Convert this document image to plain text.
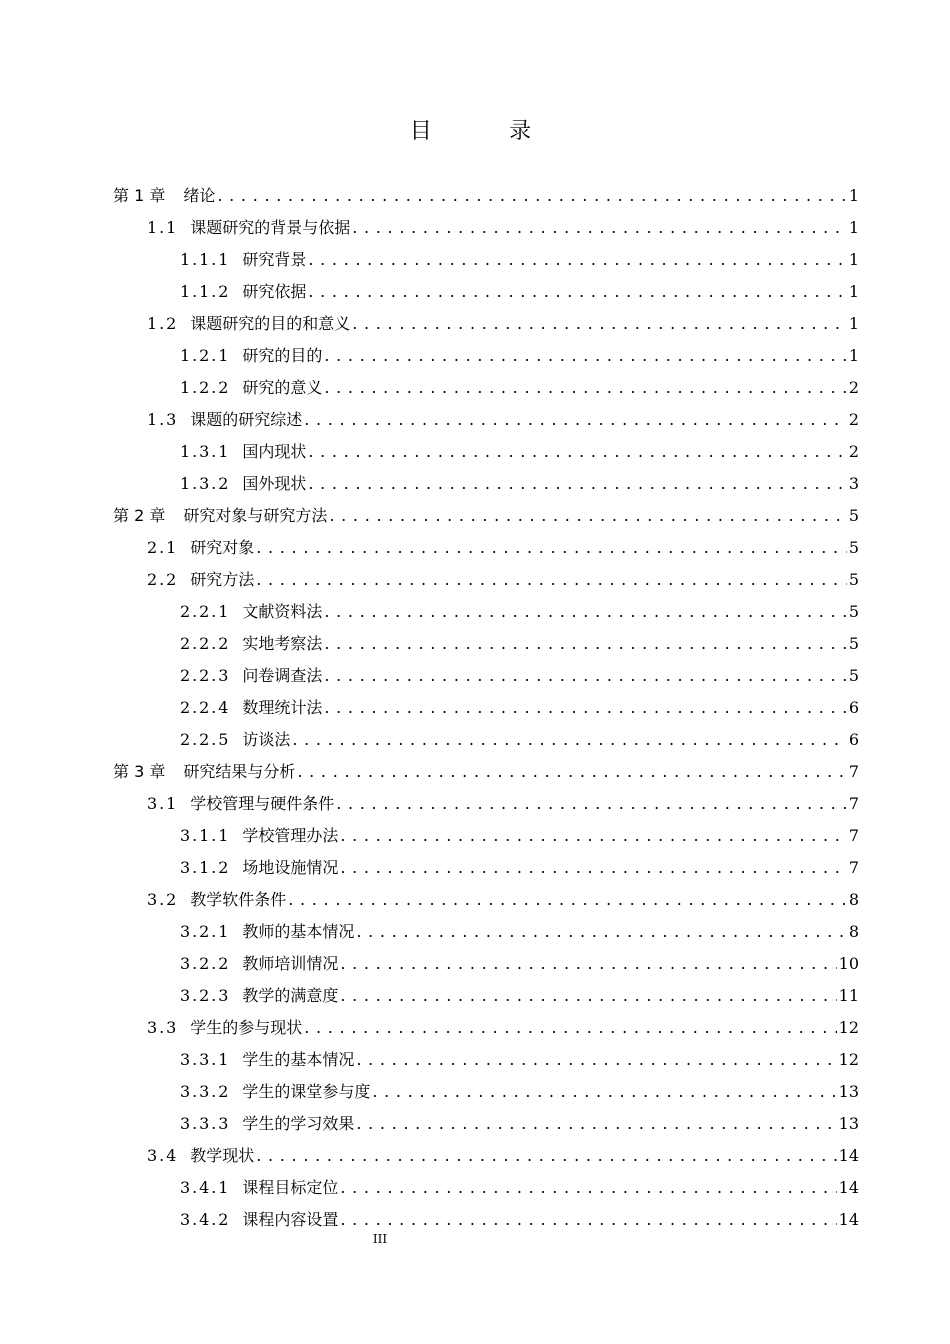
目 录
第 1 章 绪论 . . .	1
1.1 课题研究的背景与依据 . . .	1
1.1.1 研究背景 . . .	1
1.1.2 研究依据 . . .	1
1.2 课题研究的目的和意义 . . .	1
1.2.1 研究的目的 . . .	1
1.2.2 研究的意义 . . .	2
1.3 课题的研究综述 . . .	2
1.3.1 国内现状 . . .	2
1.3.2 国外现状 . . .	3
第 2 章 研究对象与研究方法 . . .	5
2.1 研究对象 . . .	5
2.2 研究方法 . . .	5
2.2.1 文献资料法 . . .	5
2.2.2 实地考察法 . . .	5
2.2.3 问卷调查法 . . .	5
2.2.4 数理统计法 . . .	6
2.2.5 访谈法 . . .	6
第 3 章 研究结果与分析 . . .	7
3.1 学校管理与硬件条件 . . .	7
3.1.1 学校管理办法 . . .	7
3.1.2 场地设施情况 . . .	7
3.2 教学软件条件 . . .	8
3.2.1 教师的基本情况 . . .	8
3.2.2 教师培训情况 . . .	10
3.2.3 教学的满意度 . . .	11
3.3 学生的参与现状 . . .	12
3.3.1 学生的基本情况 . . .	12
3.3.2 学生的课堂参与度 . . .	13
3.3.3 学生的学习效果 . . .	13
3.4 教学现状 . . .	14
3.4.1 课程目标定位 . . .	14
3.4.2 课程内容设置 . . .	14
III
